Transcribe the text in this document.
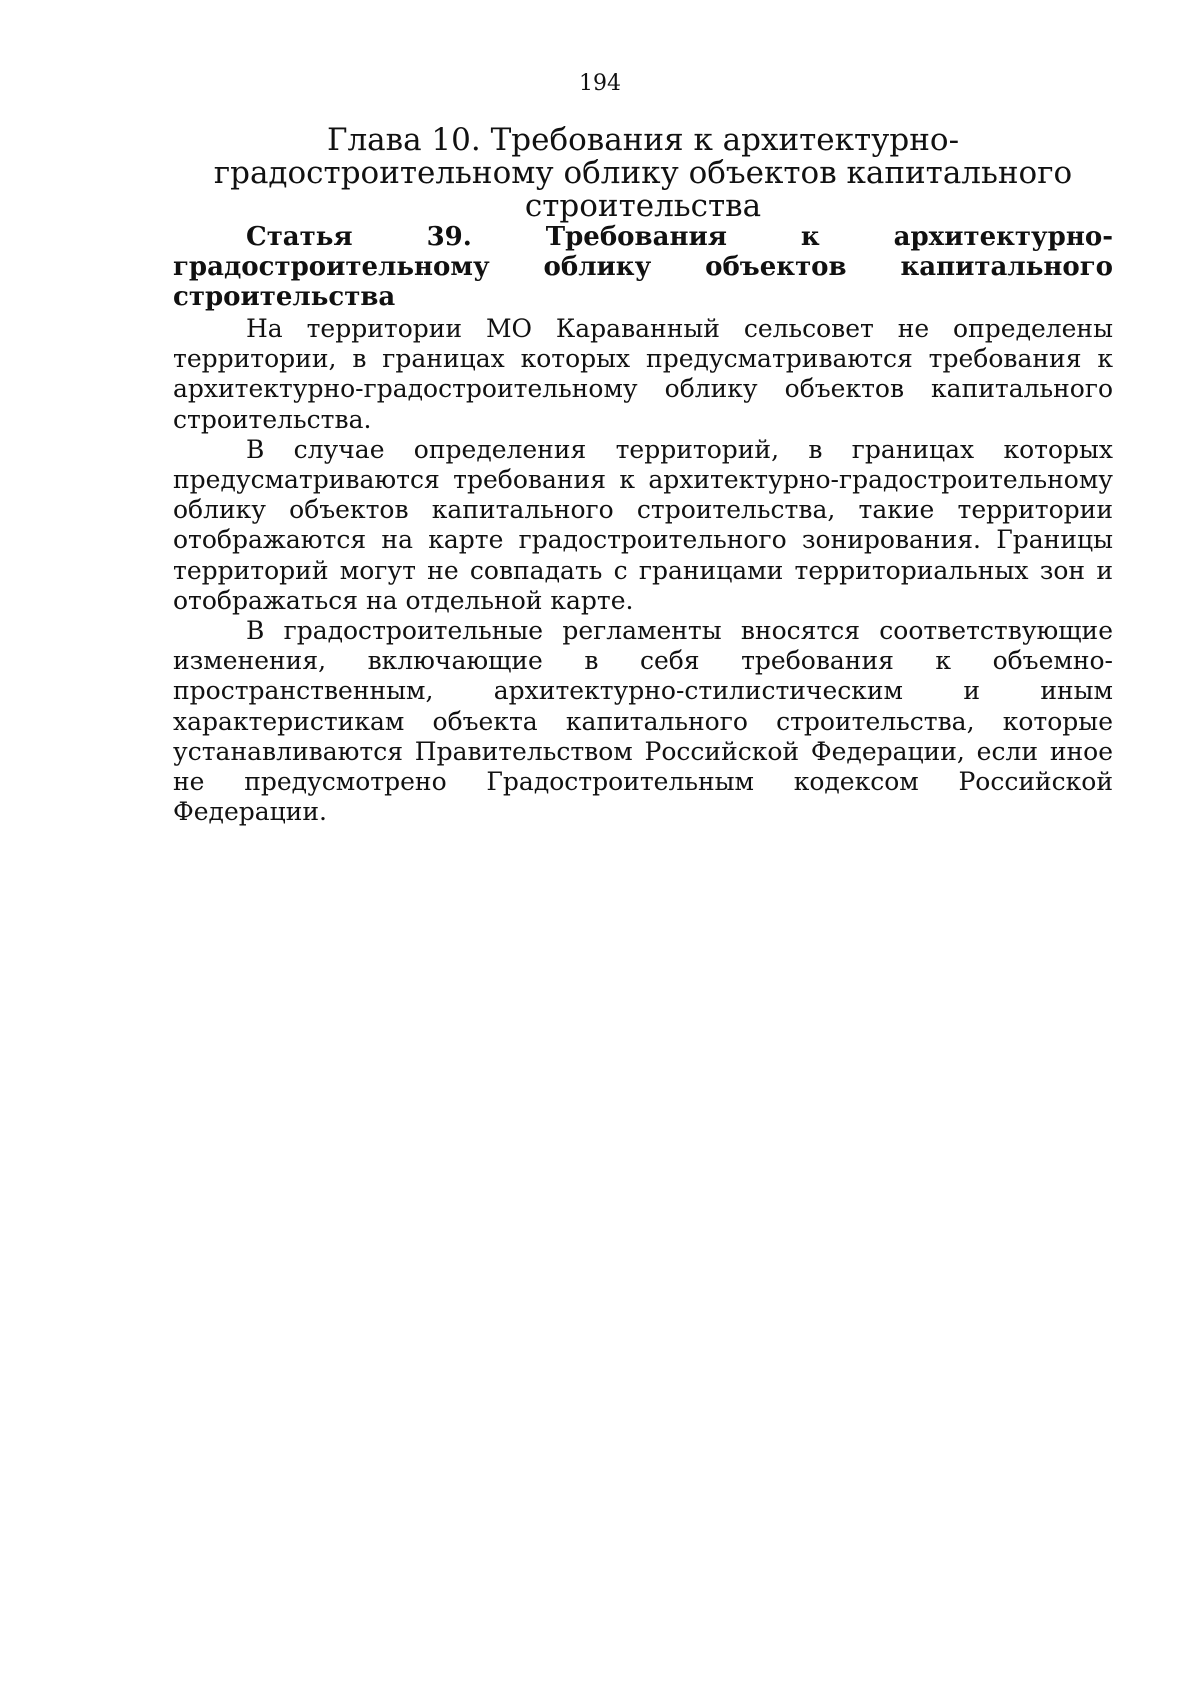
194
Глава 10. Требования к архитектурно-градостроительному облику объектов капитального строительства
Статья 39. Требования к архитектурно-градостроительному облику объектов капитального строительства

На территории МО Караванный сельсовет не определены территории, в границах которых предусматриваются требования к архитектурно-градостроительному облику объектов капитального строительства.

В случае определения территорий, в границах которых предусматриваются требования к архитектурно-градостроительному облику объектов капитального строительства, такие территории отображаются на карте градостроительного зонирования. Границы территорий могут не совпадать с границами территориальных зон и отображаться на отдельной карте.

В градостроительные регламенты вносятся соответствующие изменения, включающие в себя требования к объемно-пространственным, архитектурно-стилистическим и иным характеристикам объекта капитального строительства, которые устанавливаются Правительством Российской Федерации, если иное не предусмотрено Градостроительным кодексом Российской Федерации.
